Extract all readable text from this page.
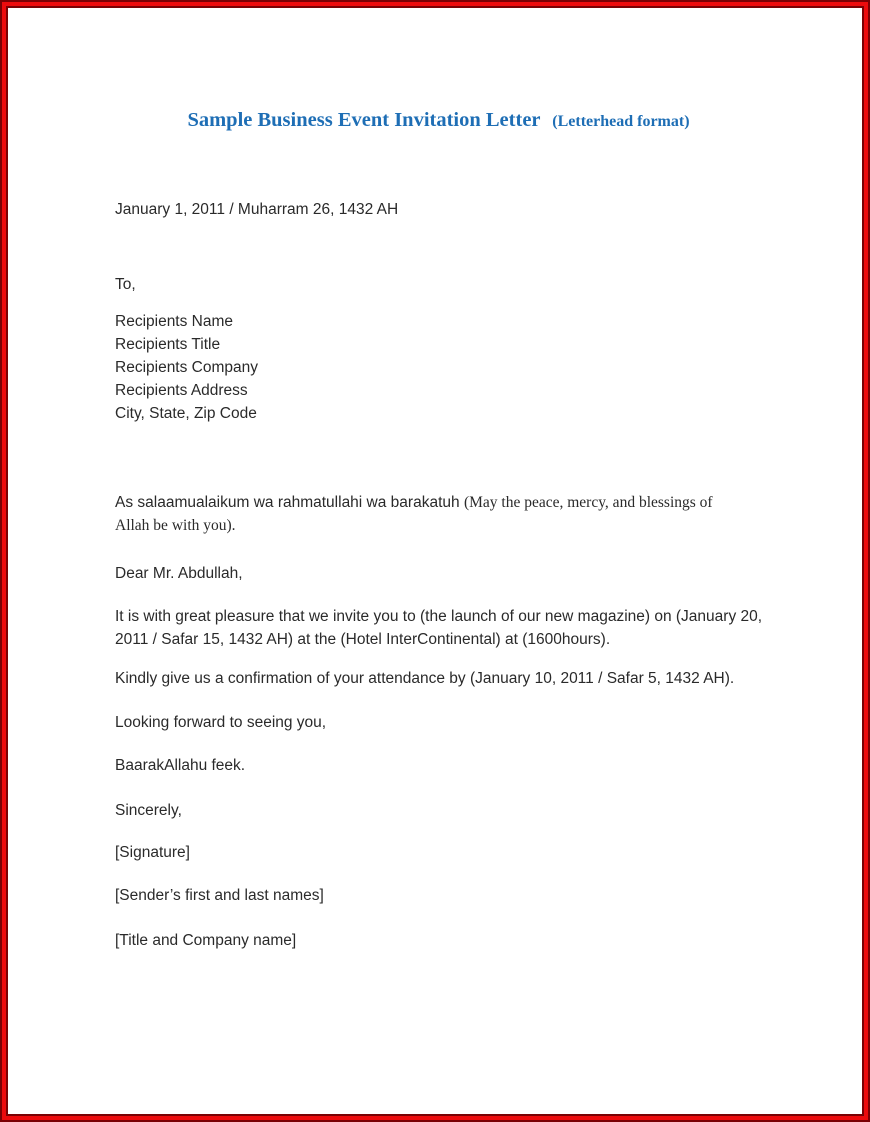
Sample Business Event Invitation Letter (Letterhead format)

January 1, 2011 / Muharram 26, 1432 AH

To,

Recipients Name
Recipients Title
Recipients Company
Recipients Address
City, State, Zip Code
As salaamualaikum wa rahmatullahi wa barakatuh (May the peace, mercy, and blessings of
Allah be with you).

Dear Mr. Abdullah,

It is with great pleasure that we invite you to (the launch of our new magazine) on (January 20,
2011 / Safar 15, 1432 AH) at the (Hotel InterContinental) at (1600hours).

Kindly give us a confirmation of your attendance by (January 10, 2011 / Safar 5, 1432 AH).

Looking forward to seeing you,

BaarakAllahu feek.

Sincerely,

[Signature]

[Sender’s first and last names]

[Title and Company name]
